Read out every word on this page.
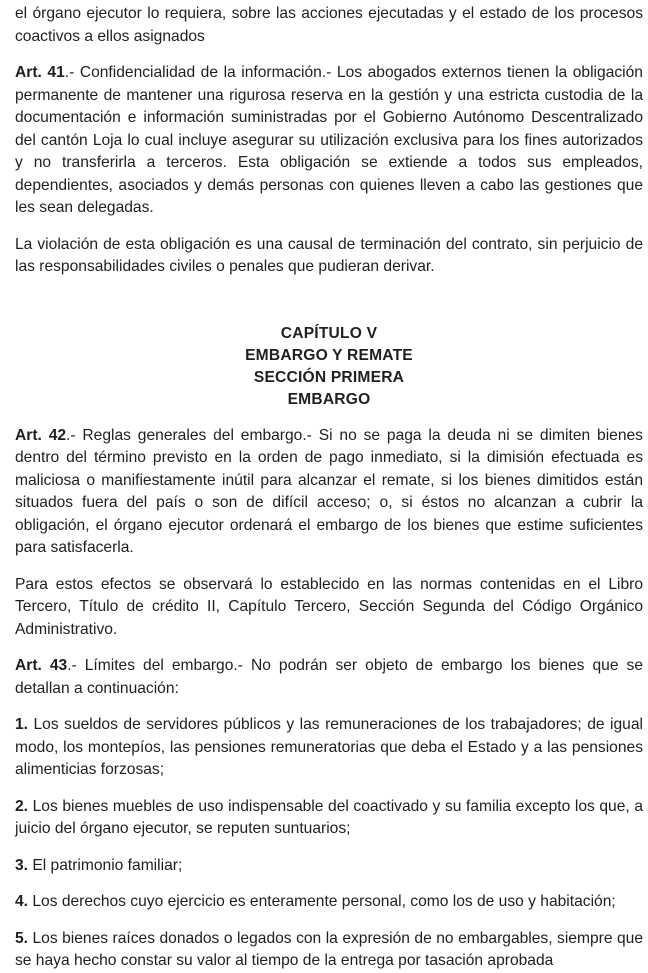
el órgano ejecutor lo requiera, sobre las acciones ejecutadas y el estado de los procesos coactivos a ellos asignados

Art. 41.- Confidencialidad de la información.- Los abogados externos tienen la obligación permanente de mantener una rigurosa reserva en la gestión y una estricta custodia de la documentación e información suministradas por el Gobierno Autónomo Descentralizado del cantón Loja lo cual incluye asegurar su utilización exclusiva para los fines autorizados y no transferirla a terceros. Esta obligación se extiende a todos sus empleados, dependientes, asociados y demás personas con quienes lleven a cabo las gestiones que les sean delegadas.

La violación de esta obligación es una causal de terminación del contrato, sin perjuicio de las responsabilidades civiles o penales que pudieran derivar.

CAPÍTULO V
EMBARGO Y REMATE
SECCIÓN PRIMERA
EMBARGO

Art. 42.- Reglas generales del embargo.- Si no se paga la deuda ni se dimiten bienes dentro del término previsto en la orden de pago inmediato, si la dimisión efectuada es maliciosa o manifiestamente inútil para alcanzar el remate, si los bienes dimitidos están situados fuera del país o son de difícil acceso; o, si éstos no alcanzan a cubrir la obligación, el órgano ejecutor ordenará el embargo de los bienes que estime suficientes para satisfacerla.

Para estos efectos se observará lo establecido en las normas contenidas en el Libro Tercero, Título de crédito II, Capítulo Tercero, Sección Segunda del Código Orgánico Administrativo.

Art. 43.- Límites del embargo.- No podrán ser objeto de embargo los bienes que se detallan a continuación:

1. Los sueldos de servidores públicos y las remuneraciones de los trabajadores; de igual modo, los montepíos, las pensiones remuneratorias que deba el Estado y a las pensiones alimenticias forzosas;

2. Los bienes muebles de uso indispensable del coactivado y su familia excepto los que, a juicio del órgano ejecutor, se reputen suntuarios;

3. El patrimonio familiar;

4. Los derechos cuyo ejercicio es enteramente personal, como los de uso y habitación;

5. Los bienes raíces donados o legados con la expresión de no embargables, siempre que se haya hecho constar su valor al tiempo de la entrega por tasación aprobada
